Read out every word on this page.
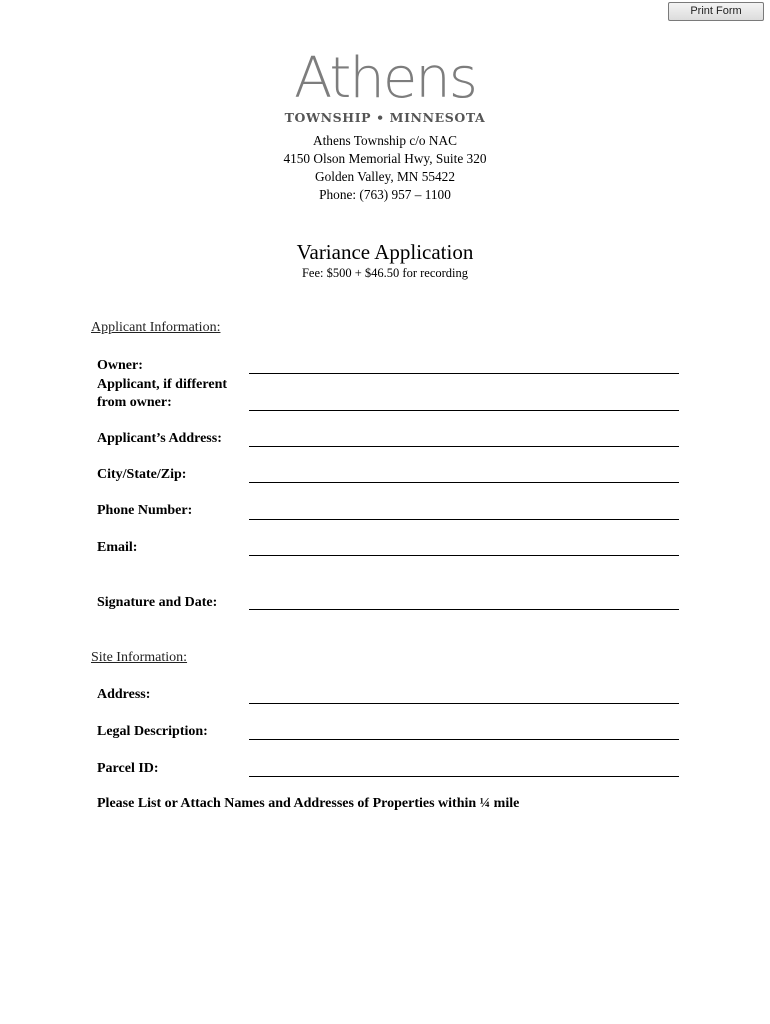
Print Form
Athens
TOWNSHIP • MINNESOTA
Athens Township c/o NAC
4150 Olson Memorial Hwy, Suite 320
Golden Valley, MN 55422
Phone: (763) 957 – 1100
Variance Application
Fee: $500 + $46.50 for recording
Applicant Information:
Owner:
Applicant, if different
from owner:
Applicant’s Address:
City/State/Zip:
Phone Number:
Email:
Signature and Date:
Site Information:
Address:
Legal Description:
Parcel ID:
Please List or Attach Names and Addresses of Properties within ¼ mile
